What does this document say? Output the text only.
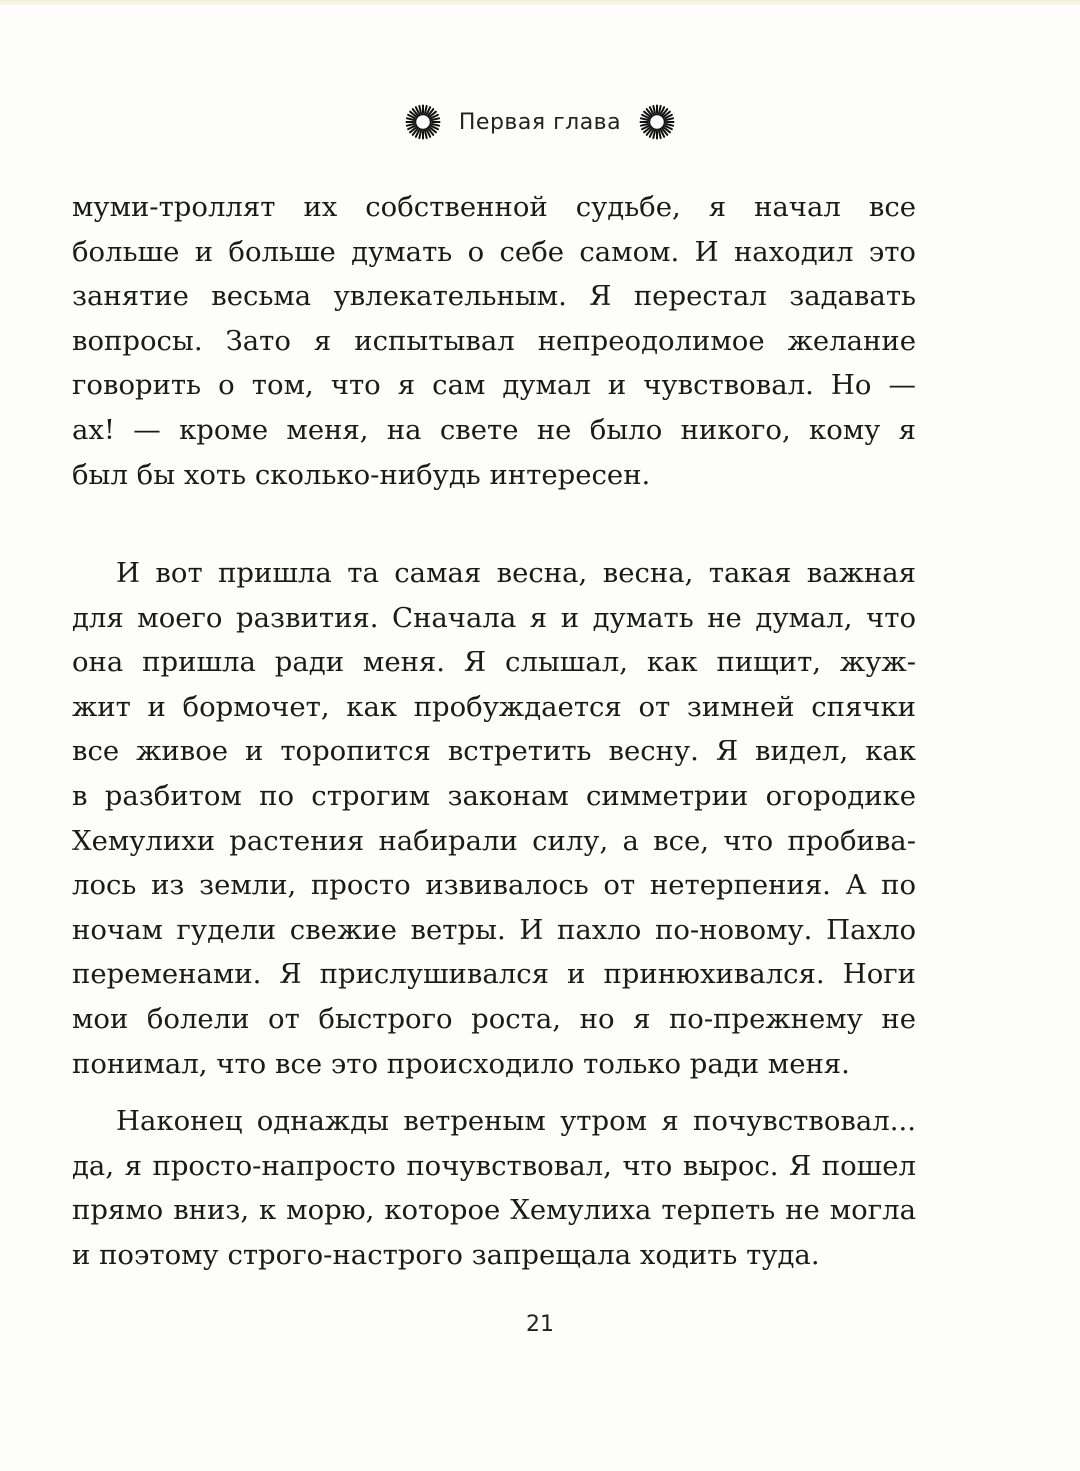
Первая глава
муми-троллят их собственной судьбе, я начал все
больше и больше думать о себе самом. И находил это
занятие весьма увлекательным. Я перестал задавать
вопросы. Зато я испытывал непреодолимое желание
говорить о том, что я сам думал и чувствовал. Но —
ах! — кроме меня, на свете не было никого, кому я
был бы хоть сколько-нибудь интересен.
И вот пришла та самая весна, весна, такая важная
для моего развития. Сначала я и думать не думал, что
она пришла ради меня. Я слышал, как пищит, жуж-
жит и бормочет, как пробуждается от зимней спячки
все живое и торопится встретить весну. Я видел, как
в разбитом по строгим законам симметрии огородике
Хемулихи растения набирали силу, а все, что пробива-
лось из земли, просто извивалось от нетерпения. А по
ночам гудели свежие ветры. И пахло по-новому. Пахло
переменами. Я прислушивался и принюхивался. Ноги
мои болели от быстрого роста, но я по-прежнему не
понимал, что все это происходило только ради меня.
Наконец однажды ветреным утром я почувствовал...
да, я просто-напросто почувствовал, что вырос. Я пошел
прямо вниз, к морю, которое Хемулиха терпеть не могла
и поэтому строго-настрого запрещала ходить туда.
21
